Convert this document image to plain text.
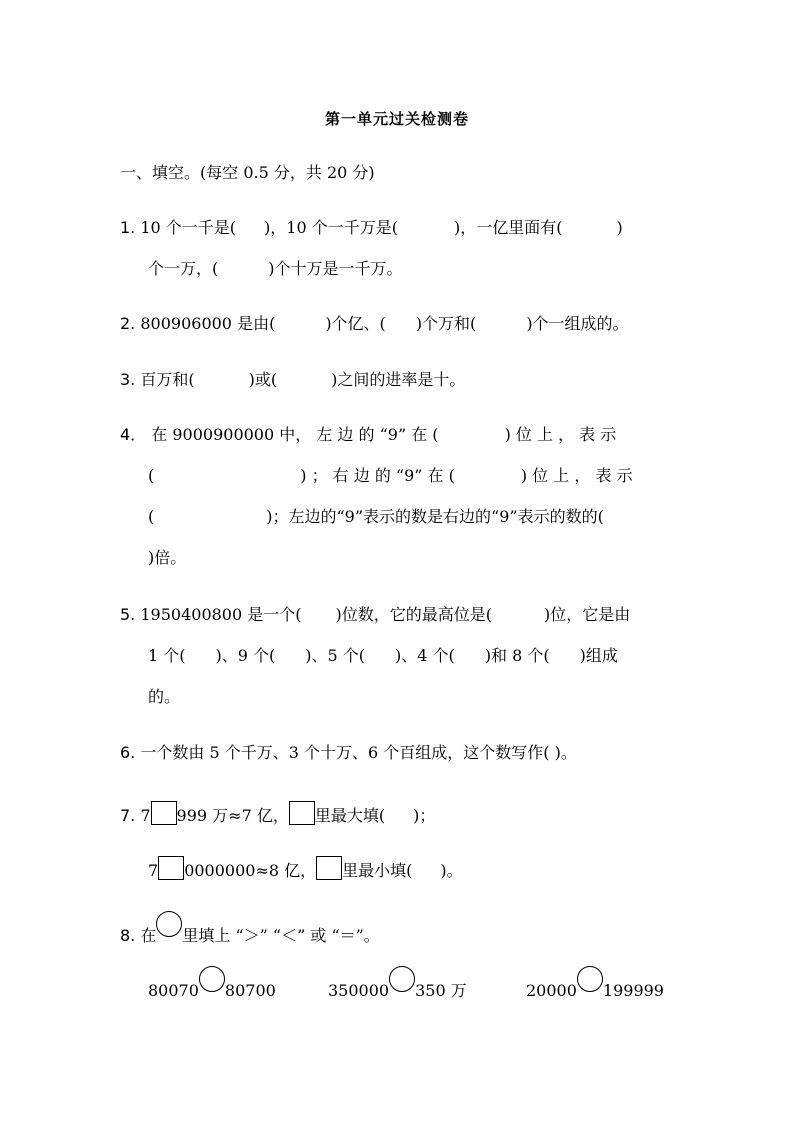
第一单元过关检测卷
一、填空。(每空 0.5 分，共 20 分)
1. 10 个一千是( )，10 个一千万是(	)，一亿里面有(	)
个一万，(	)个十万是一千万。
2. 800906000 是由(	)个亿、( )个万和(	)个一组成的。
3. 百万和(	)或(	)之间的进率是十。
4． 在 9000900000 中， 左 边 的 “9” 在 (	) 位 上 ， 表 示
(	) ； 右 边 的 “9” 在 (	) 位 上 ， 表 示
(	)；左边的“9”表示的数是右边的“9”表示的数的(
)倍。
5. 1950400800 是一个( )位数，它的最高位是(	)位，它是由
1 个( )、9 个( )、5 个( )、4 个( )和 8 个( )组成
的。
6. 一个数由 5 个千万、3 个十万、6 个百组成，这个数写作( )。
7. 7 999 万≈7 亿， 里最大填( )；
7 0000000≈8 亿， 里最小填( )。
8. 在 里填上 “＞” “＜” 或 “＝”。
80070 80700	350000 350 万	20000 199999
